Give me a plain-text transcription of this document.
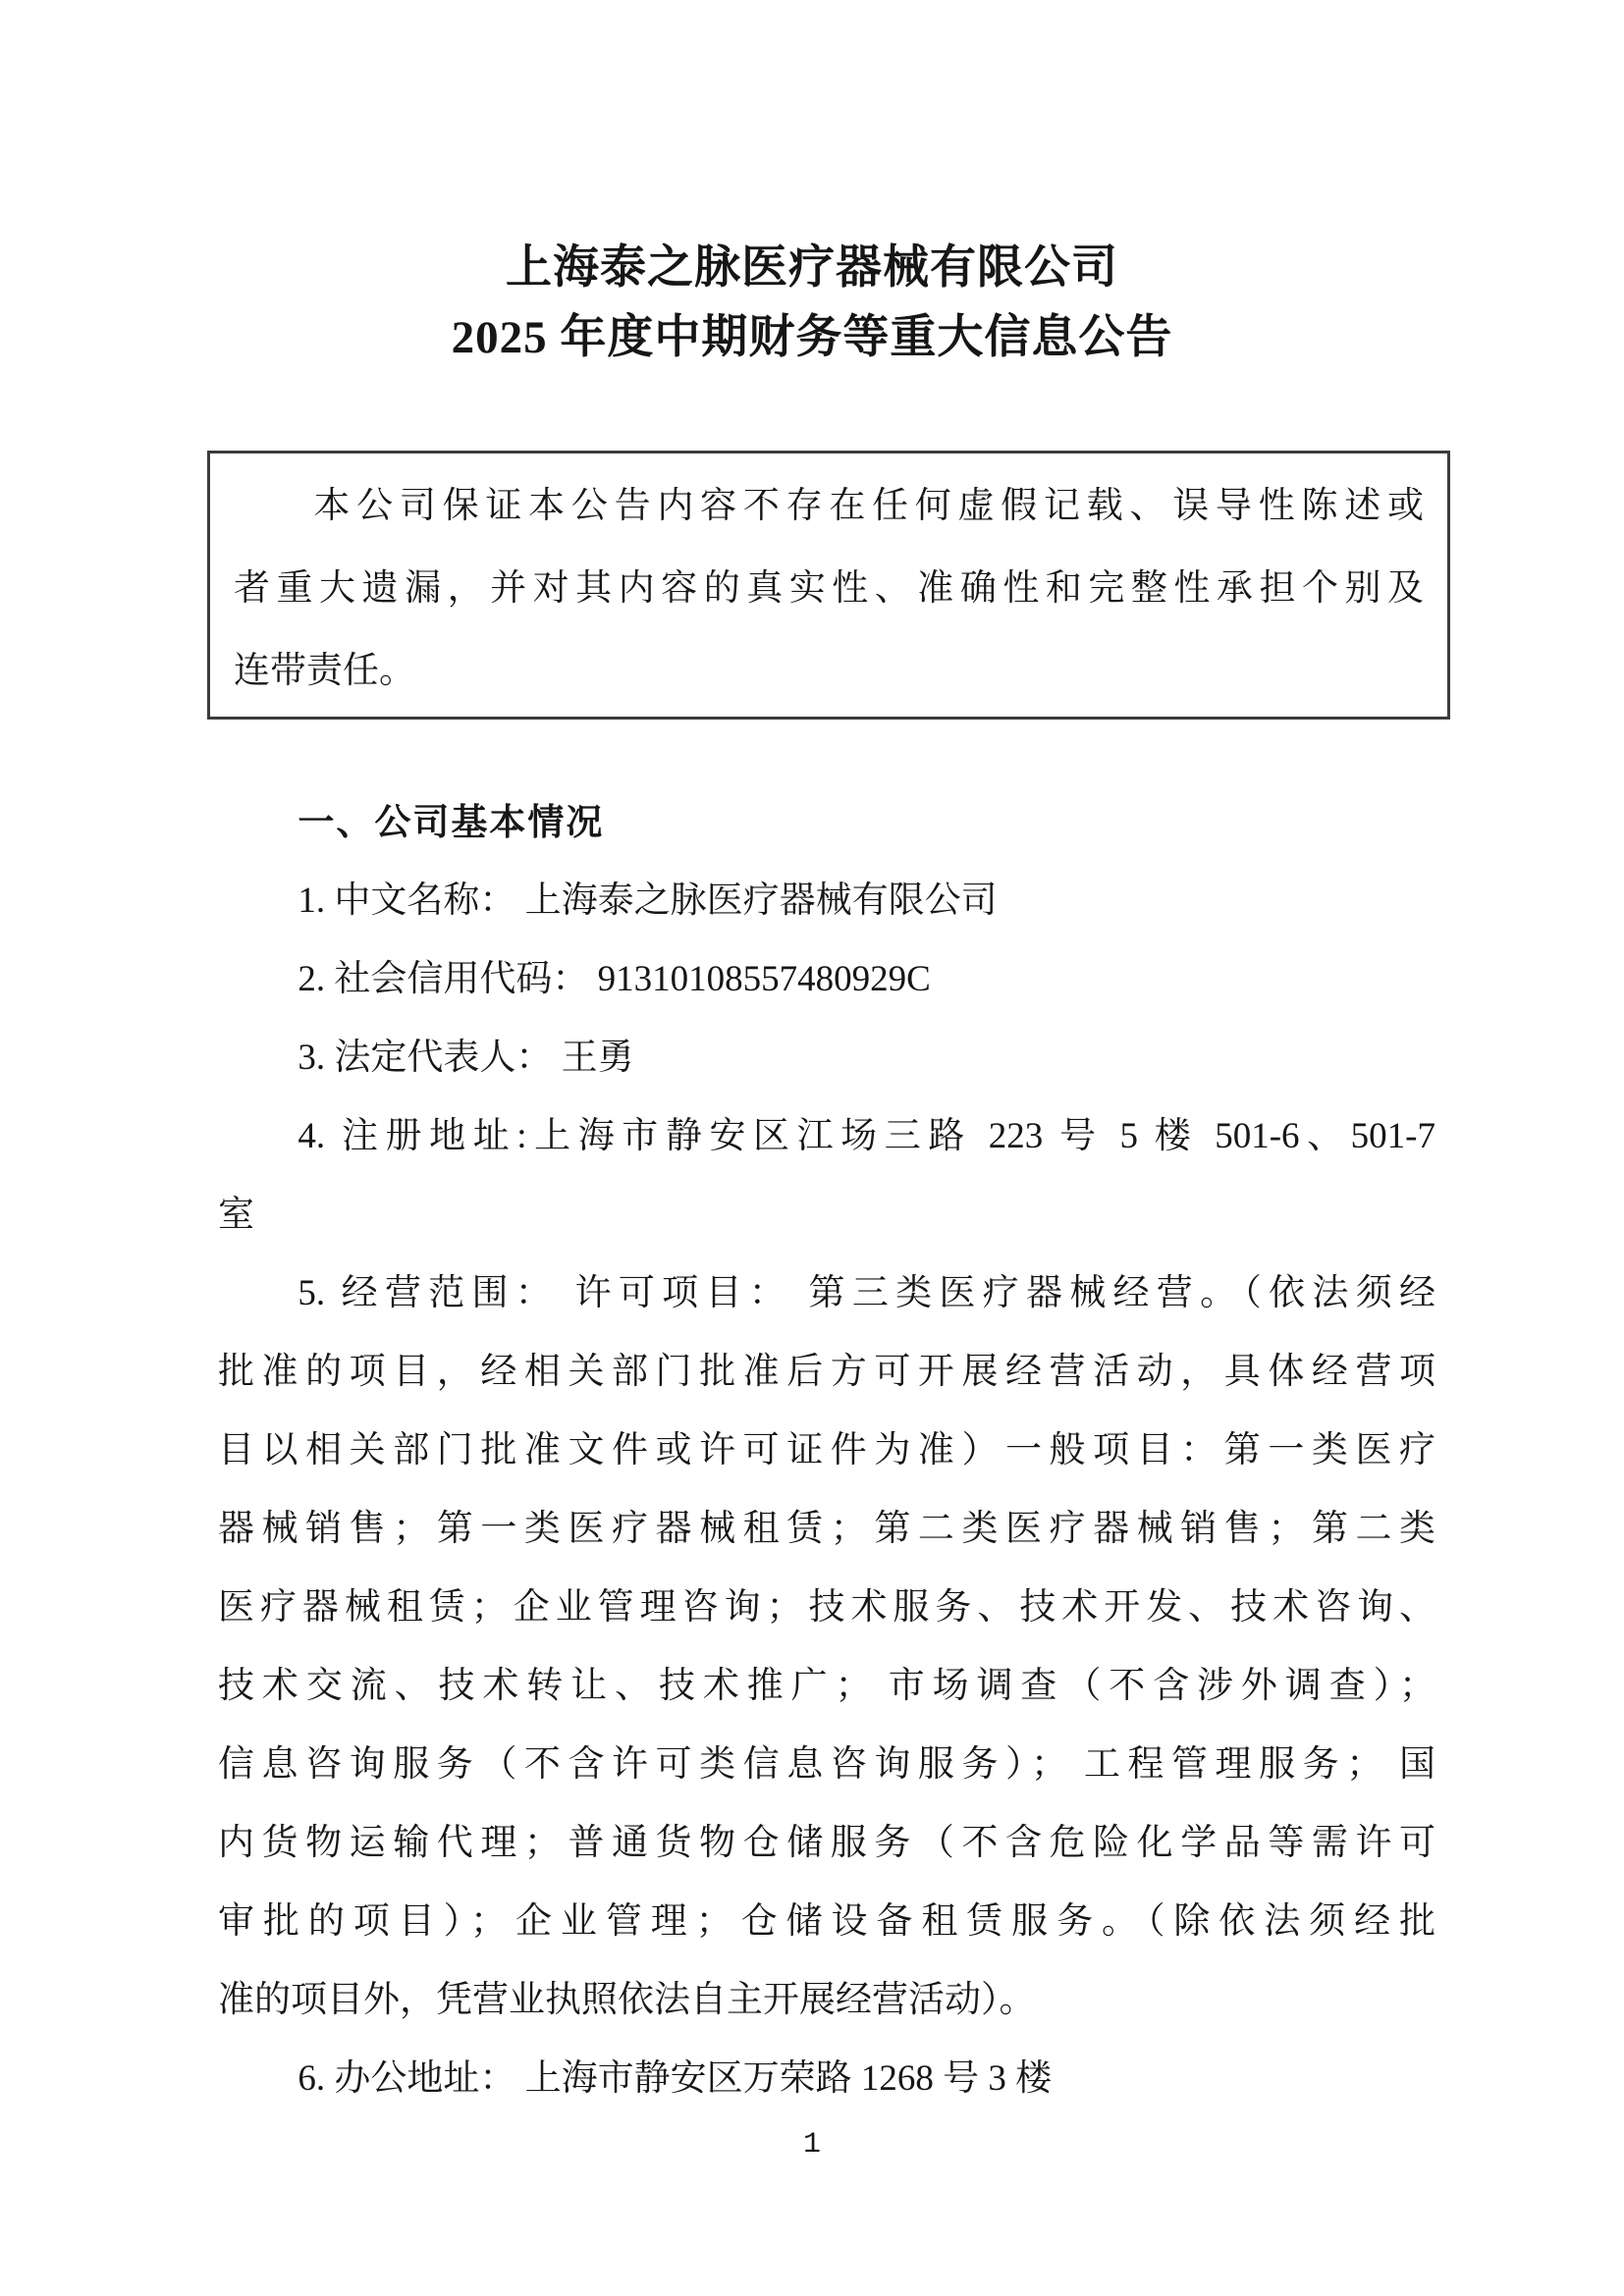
上海泰之脉医疗器械有限公司
2025 年度中期财务等重大信息公告
本公司保证本公告内容不存在任何虚假记载、误导性陈述或
者重大遗漏，并对其内容的真实性、准确性和完整性承担个别及
连带责任。
一、公司基本情况
1. 中文名称： 上海泰之脉医疗器械有限公司
2. 社会信用代码： 91310108557480929C
3. 法定代表人： 王勇
4. 注册地址:上海市静安区江场三路 223 号 5 楼 501-6、501-7
室
5. 经营范围： 许可项目： 第三类医疗器械经营。（依法须经
批准的项目，经相关部门批准后方可开展经营活动，具体经营项
目以相关部门批准文件或许可证件为准）一般项目：第一类医疗
器械销售；第一类医疗器械租赁；第二类医疗器械销售；第二类
医疗器械租赁；企业管理咨询；技术服务、技术开发、技术咨询、
技术交流、技术转让、技术推广； 市场调查（不含涉外调查）；
信息咨询服务（不含许可类信息咨询服务）； 工程管理服务； 国
内货物运输代理；普通货物仓储服务（不含危险化学品等需许可
审批的项目）；企业管理；仓储设备租赁服务。（除依法须经批
准的项目外，凭营业执照依法自主开展经营活动）。
6. 办公地址： 上海市静安区万荣路 1268 号 3 楼
1
